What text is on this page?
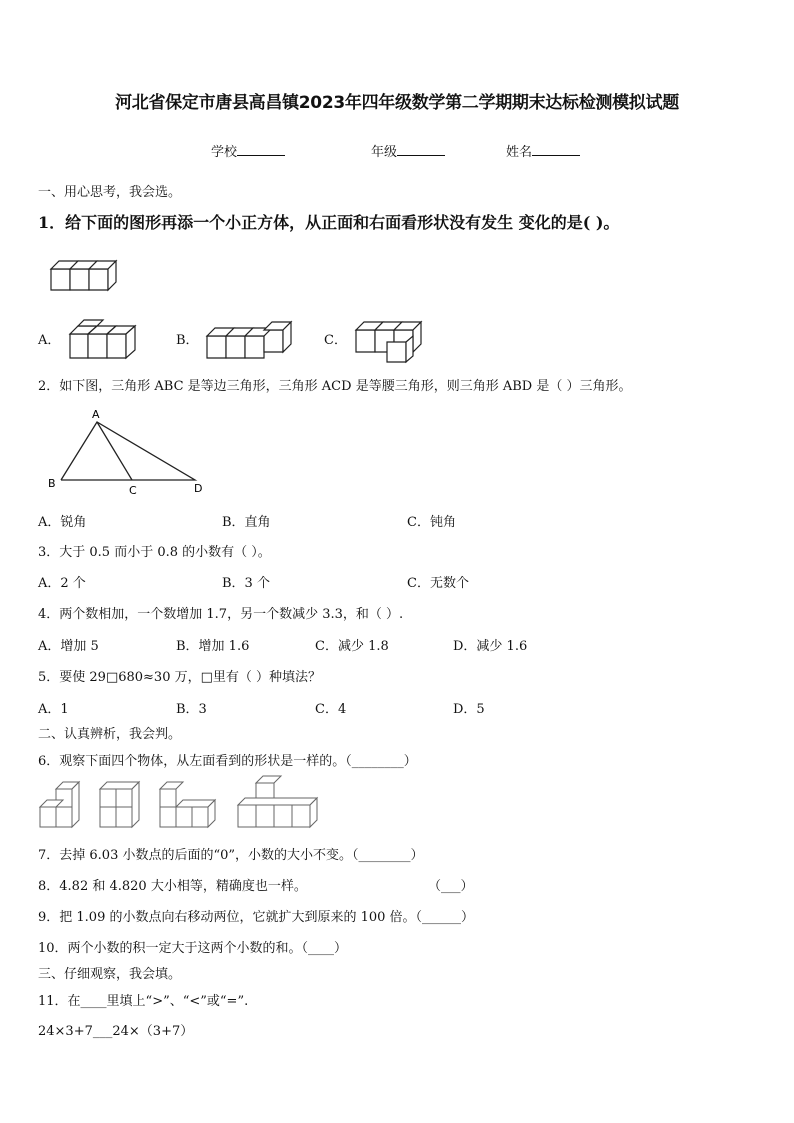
河北省保定市唐县高昌镇2023年四年级数学第二学期期末达标检测模拟试题
学校	年级	姓名
一、用心思考，我会选。
1．给下面的图形再添一个小正方体，从正面和右面看形状没有发生 变化的是( )。
A．	B．	C．
2．如下图，三角形 ABC 是等边三角形，三角形 ACD 是等腰三角形，则三角形 ABD 是（ ）三角形。
A
B
C	D
A．锐角	B．直角	C．钝角
3．大于 0.5 而小于 0.8 的小数有（ ）。
A．2 个	B．3 个	C．无数个
4．两个数相加，一个数增加 1.7，另一个数减少 3.3，和（ ）.
A．增加 5	B．增加 1.6	C．减少 1.8	D．减少 1.6
5．要使 29□680≈30 万，□里有（ ）种填法？
A．1	B．3	C．4	D．5
二、认真辨析，我会判。
6．观察下面四个物体，从左面看到的形状是一样的。（________）
7．去掉 6.03 小数点的后面的“0”，小数的大小不变。（________）
8．4.82 和 4.820 大小相等，精确度也一样。	（___）
9．把 1.09 的小数点向右移动两位，它就扩大到原来的 100 倍。（______）
10．两个小数的积一定大于这两个小数的和。（____）
三、仔细观察，我会填。
11．在____里填上“>”、“<”或“=”.
24×3+7___24×（3+7）
